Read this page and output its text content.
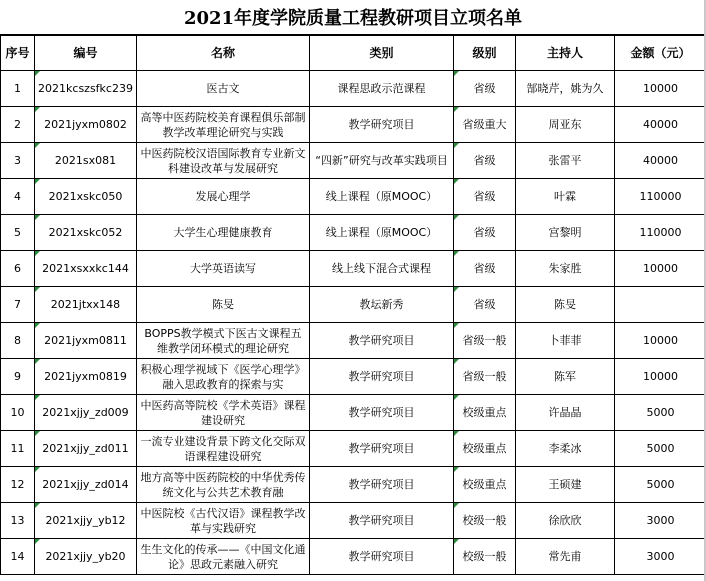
2021年度学院质量工程教研项目立项名单
序号	编号	名称	类别	级别	主持人	金额（元）
1	2021kcszsfkc239	医古文	课程思政示范课程	省级	郜晓芹，姚为久	10000
2	2021jyxm0802	高等中医药院校美育课程俱乐部制教学改革理论研究与实践	教学研究项目	省级重大	周亚东	40000
3	2021sx081	中医药院校汉语国际教育专业新文科建设改革与发展研究	“四新”研究与改革实践项目	省级	张雷平	40000
4	2021xskc050	发展心理学	线上课程（原MOOC）	省级	叶霖	110000
5	2021xskc052	大学生心理健康教育	线上课程（原MOOC）	省级	宫黎明	110000
6	2021xsxxkc144	大学英语读写	线上线下混合式课程	省级	朱家胜	10000
7	2021jtxx148	陈旻	教坛新秀	省级	陈旻	
8	2021jyxm0811	BOPPS教学模式下医古文课程五维教学闭环模式的理论研究	教学研究项目	省级一般	卜菲菲	10000
9	2021jyxm0819	积极心理学视域下《医学心理学》融入思政教育的探索与实	教学研究项目	省级一般	陈军	10000
10	2021xjjy_zd009	中医药高等院校《学术英语》课程建设研究	教学研究项目	校级重点	许晶晶	5000
11	2021xjjy_zd011	一流专业建设背景下跨文化交际双语课程建设研究	教学研究项目	校级重点	李柔冰	5000
12	2021xjjy_zd014	地方高等中医药院校的中华优秀传统文化与公共艺术教育融	教学研究项目	校级重点	王硕建	5000
13	2021xjjy_yb12	中医院校《古代汉语》课程教学改革与实践研究	教学研究项目	校级一般	徐欣欣	3000
14	2021xjjy_yb20	生生文化的传承——《中国文化通论》思政元素融入研究	教学研究项目	校级一般	常先甫	3000
